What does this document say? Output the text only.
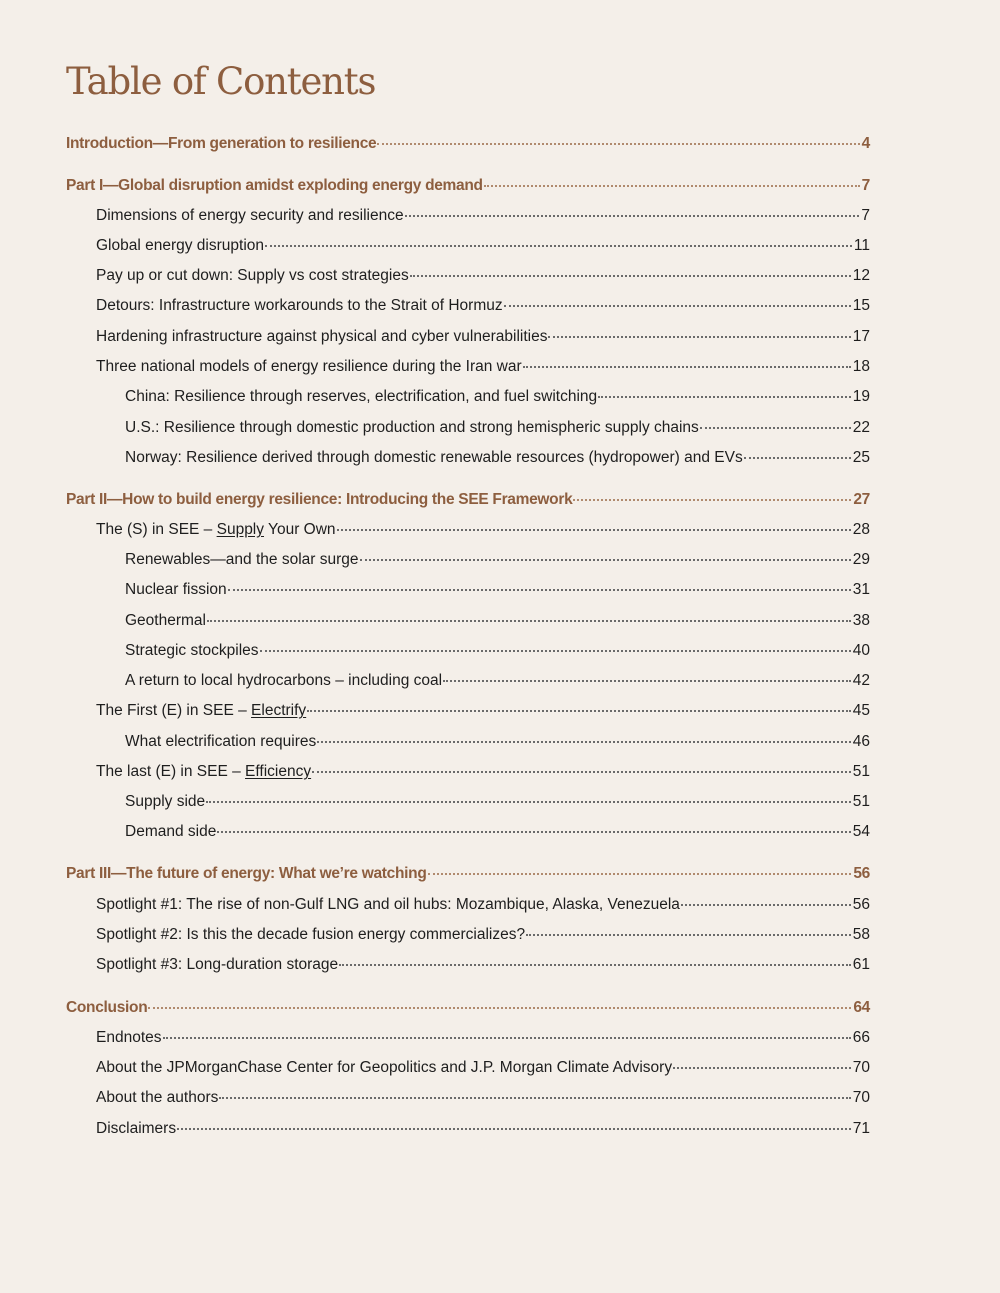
Table of Contents
Introduction—From generation to resilience	4
Part I—Global disruption amidst exploding energy demand	7
Dimensions of energy security and resilience	7
Global energy disruption	11
Pay up or cut down: Supply vs cost strategies	12
Detours: Infrastructure workarounds to the Strait of Hormuz	15
Hardening infrastructure against physical and cyber vulnerabilities	17
Three national models of energy resilience during the Iran war	18
China: Resilience through reserves, electrification, and fuel switching	19
U.S.: Resilience through domestic production and strong hemispheric supply chains	22
Norway: Resilience derived through domestic renewable resources (hydropower) and EVs	25
Part II—How to build energy resilience: Introducing the SEE Framework	27
The (S) in SEE – Supply Your Own	28
Renewables—and the solar surge	29
Nuclear fission	31
Geothermal	38
Strategic stockpiles	40
A return to local hydrocarbons – including coal	42
The First (E) in SEE – Electrify	45
What electrification requires	46
The last (E) in SEE – Efficiency	51
Supply side	51
Demand side	54
Part III—The future of energy: What we’re watching	56
Spotlight #1: The rise of non-Gulf LNG and oil hubs: Mozambique, Alaska, Venezuela	56
Spotlight #2: Is this the decade fusion energy commercializes?	58
Spotlight #3: Long-duration storage	61
Conclusion	64
Endnotes	66
About the JPMorganChase Center for Geopolitics and J.P. Morgan Climate Advisory	70
About the authors	70
Disclaimers	71
